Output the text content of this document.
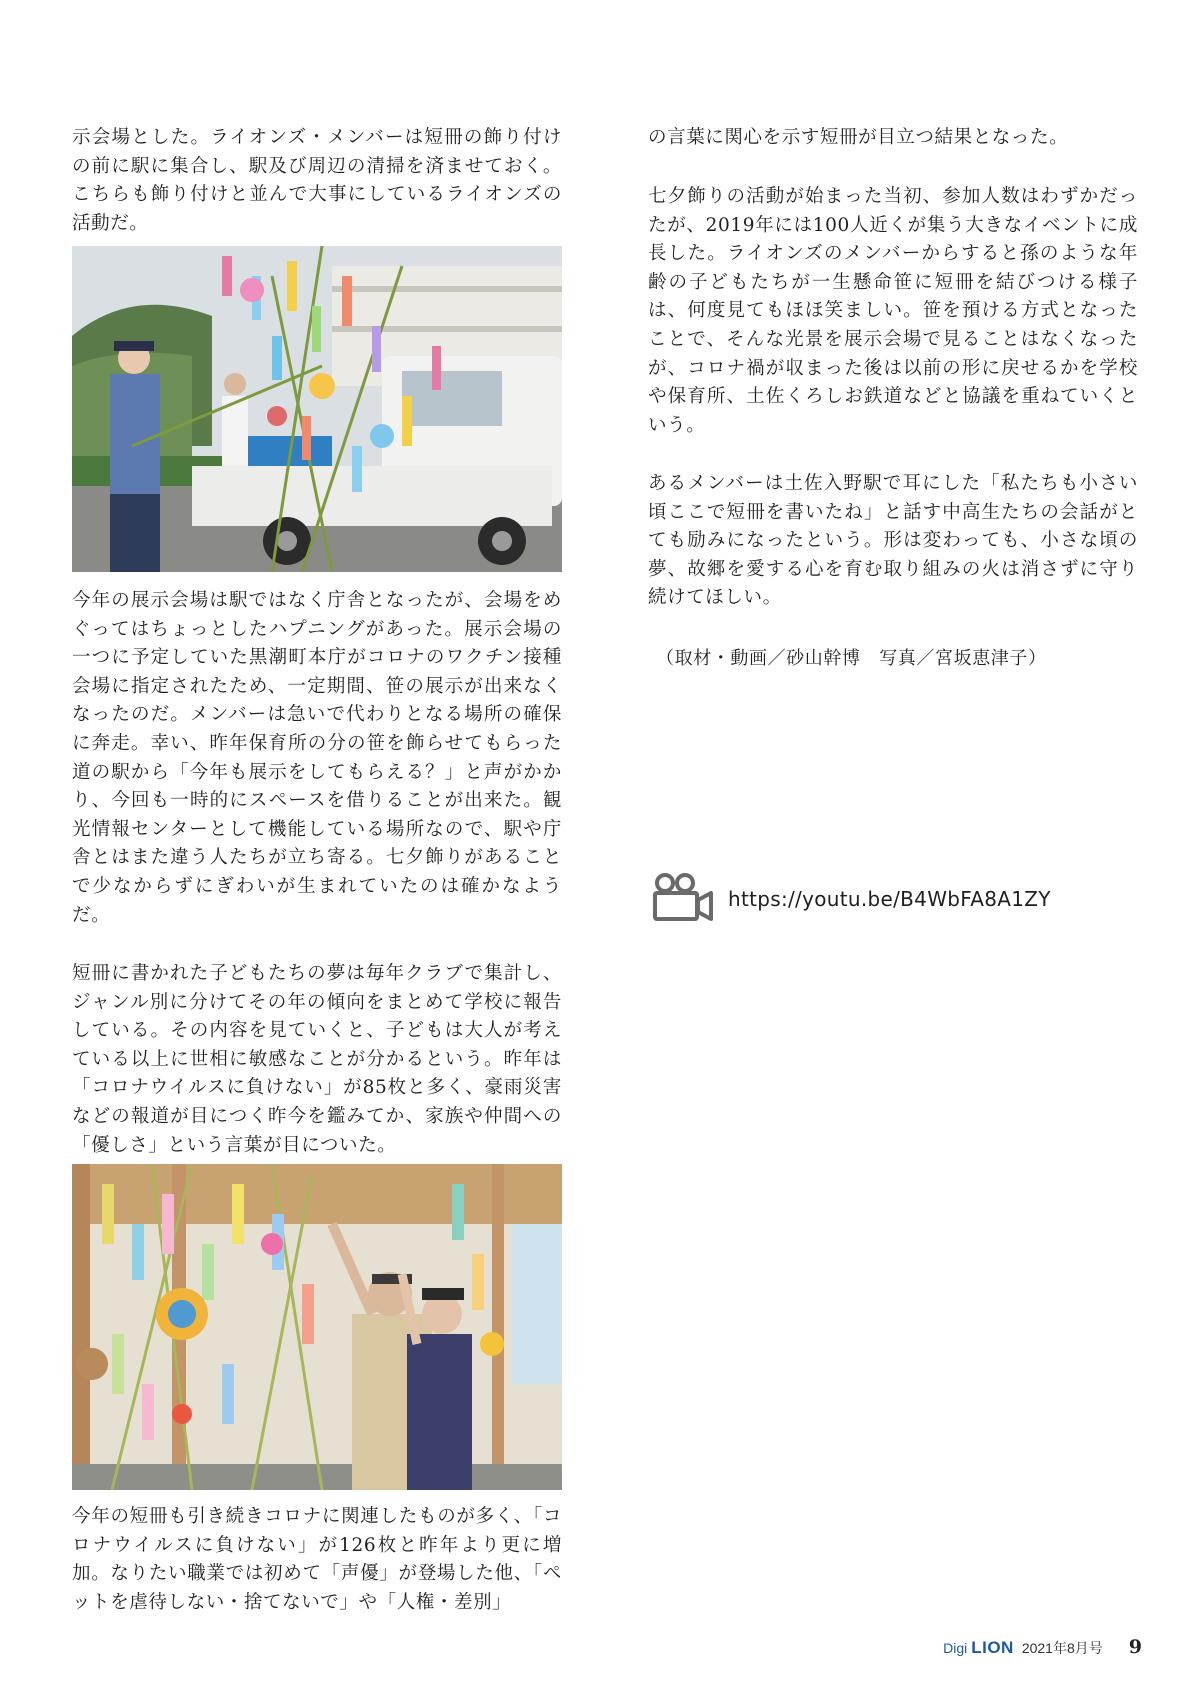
示会場とした。ライオンズ・メンバーは短冊の飾り付けの前に駅に集合し、駅及び周辺の清掃を済ませておく。こちらも飾り付けと並んで大事にしているライオンズの活動だ。

今年の展示会場は駅ではなく庁舎となったが、会場をめぐってはちょっとしたハプニングがあった。展示会場の一つに予定していた黒潮町本庁がコロナのワクチン接種会場に指定されたため、一定期間、笹の展示が出来なくなったのだ。メンバーは急いで代わりとなる場所の確保に奔走。幸い、昨年保育所の分の笹を飾らせてもらった道の駅から「今年も展示をしてもらえる？」と声がかかり、今回も一時的にスペースを借りることが出来た。観光情報センターとして機能している場所なので、駅や庁舎とはまた違う人たちが立ち寄る。七夕飾りがあることで少なからずにぎわいが生まれていたのは確かなようだ。

短冊に書かれた子どもたちの夢は毎年クラブで集計し、ジャンル別に分けてその年の傾向をまとめて学校に報告している。その内容を見ていくと、子どもは大人が考えている以上に世相に敏感なことが分かるという。昨年は「コロナウイルスに負けない」が85枚と多く、豪雨災害などの報道が目につく昨今を鑑みてか、家族や仲間への「優しさ」という言葉が目についた。

今年の短冊も引き続きコロナに関連したものが多く、「コロナウイルスに負けない」が126枚と昨年より更に増加。なりたい職業では初めて「声優」が登場した他、「ペットを虐待しない・捨てないで」や「人権・差別」

の言葉に関心を示す短冊が目立つ結果となった。

七夕飾りの活動が始まった当初、参加人数はわずかだったが、2019年には100人近くが集う大きなイベントに成長した。ライオンズのメンバーからすると孫のような年齢の子どもたちが一生懸命笹に短冊を結びつける様子は、何度見てもほほ笑ましい。笹を預ける方式となったことで、そんな光景を展示会場で見ることはなくなったが、コロナ禍が収まった後は以前の形に戻せるかを学校や保育所、土佐くろしお鉄道などと協議を重ねていくという。

あるメンバーは土佐入野駅で耳にした「私たちも小さい頃ここで短冊を書いたね」と話す中高生たちの会話がとても励みになったという。形は変わっても、小さな頃の夢、故郷を愛する心を育む取り組みの火は消さずに守り続けてほしい。

（取材・動画／砂山幹博　写真／宮坂恵津子）

https://youtu.be/B4WbFA8A1ZY
Digi LION 2021年8月号 9
